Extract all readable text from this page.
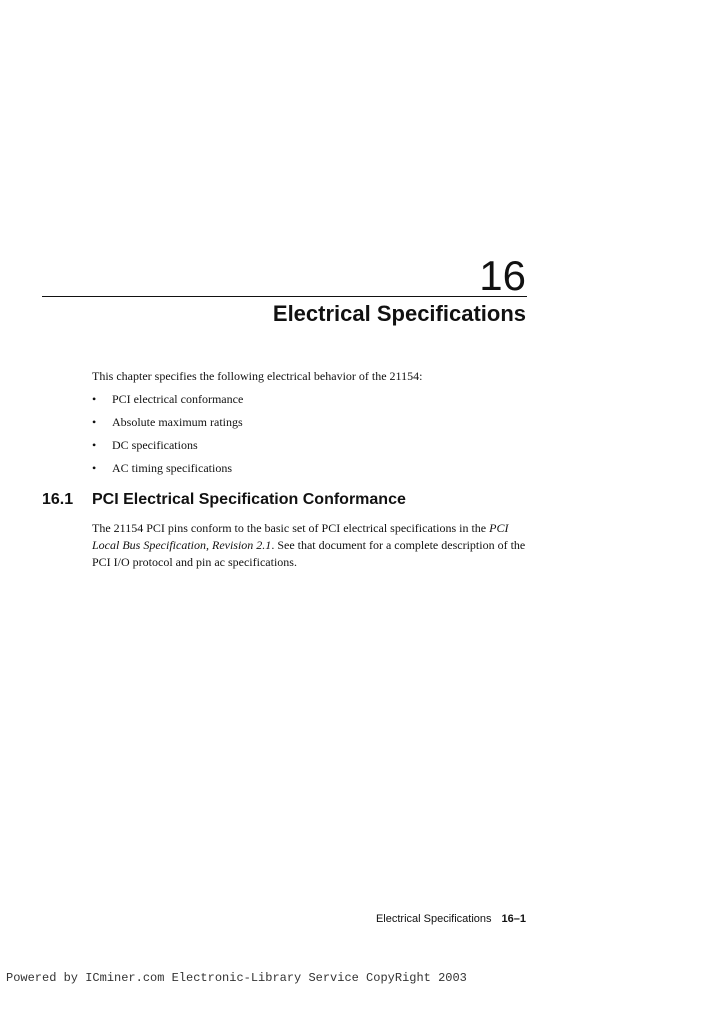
16
Electrical Specifications

This chapter specifies the following electrical behavior of the 21154:

•	PCI electrical conformance
•	Absolute maximum ratings
•	DC specifications
•	AC timing specifications
16.1 PCI Electrical Specification Conformance

The 21154 PCI pins conform to the basic set of PCI electrical specifications in the PCI Local Bus Specification, Revision 2.1. See that document for a complete description of the PCI I/O protocol and pin ac specifications.

Electrical Specifications 16–1
Powered by ICminer.com Electronic-Library Service CopyRight 2003
